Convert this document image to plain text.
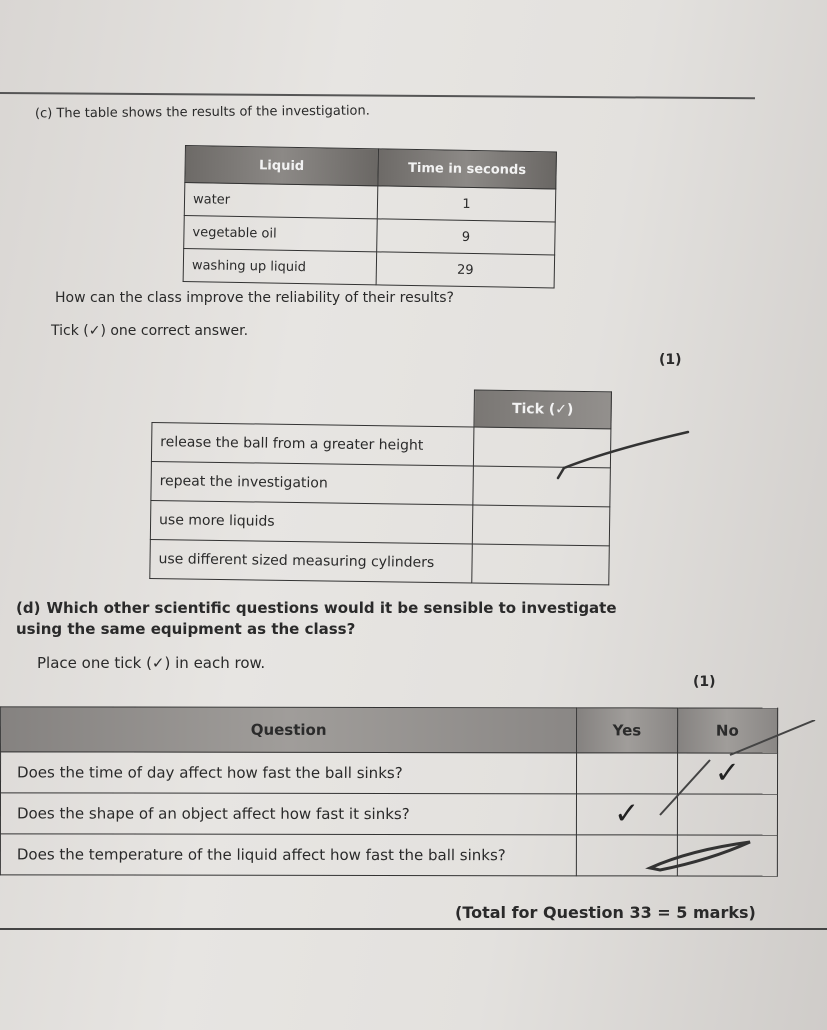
(c) The table shows the results of the investigation.
Liquid	Time in seconds
water	1
vegetable oil	9
washing up liquid	29
How can the class improve the reliability of their results?
Tick (✓) one correct answer.
(1)
	Tick (✓)
release the ball from a greater height	
repeat the investigation	
use more liquids	
use different sized measuring cylinders	
(d) Which other scientific questions would it be sensible to investigate using the same equipment as the class?
Place one tick (✓) in each row.
(1)
Question	Yes	No
Does the time of day affect how fast the ball sinks?		✓
Does the shape of an object affect how fast it sinks?	✓	
Does the temperature of the liquid affect how fast the ball sinks?		
(Total for Question 33 = 5 marks)
